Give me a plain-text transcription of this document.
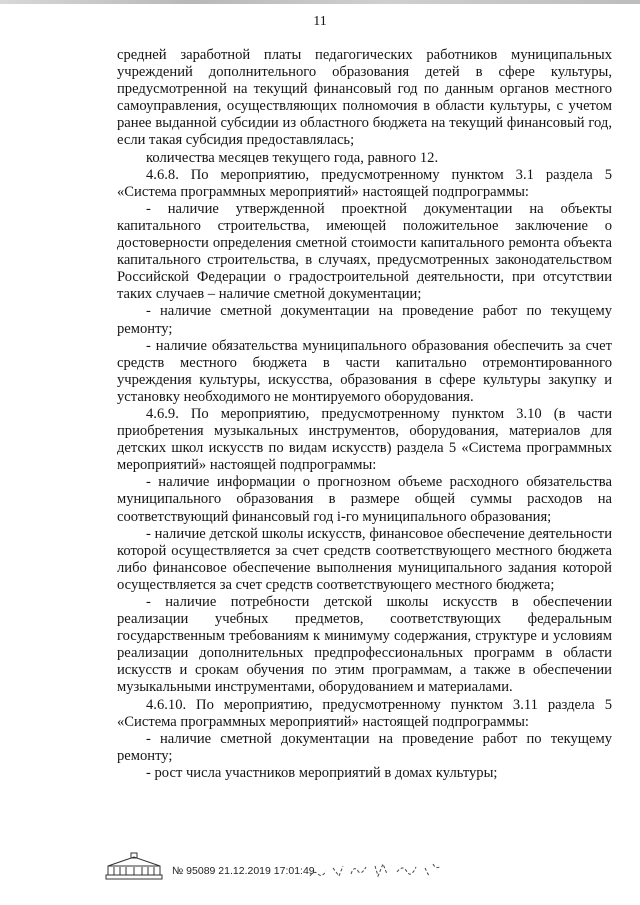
11

средней заработной платы педагогических работников муниципальных учреждений дополнительного образования детей в сфере культуры, предусмотренной на текущий финансовый год по данным органов местного самоуправления, осуществляющих полномочия в области культуры, с учетом ранее выданной субсидии из областного бюджета на текущий финансовый год, если такая субсидия предоставлялась;

количества месяцев текущего года, равного 12.

4.6.8. По мероприятию, предусмотренному пунктом 3.1 раздела 5 «Система программных мероприятий» настоящей подпрограммы:

- наличие утвержденной проектной документации на объекты капитального строительства, имеющей положительное заключение о достоверности определения сметной стоимости капитального ремонта объекта капитального строительства, в случаях, предусмотренных законодательством Российской Федерации о градостроительной деятельности, при отсутствии таких случаев – наличие сметной документации;

- наличие сметной документации на проведение работ по текущему ремонту;

- наличие обязательства муниципального образования обеспечить за счет средств местного бюджета в части капитально отремонтированного учреждения культуры, искусства, образования в сфере культуры закупку и установку необходимого не монтируемого оборудования.

4.6.9. По мероприятию, предусмотренному пунктом 3.10 (в части приобретения музыкальных инструментов, оборудования, материалов для детских школ искусств по видам искусств) раздела 5 «Система программных мероприятий» настоящей подпрограммы:

- наличие информации о прогнозном объеме расходного обязательства муниципального образования в размере общей суммы расходов на соответствующий финансовый год i-го муниципального образования;

- наличие детской школы искусств, финансовое обеспечение деятельности которой осуществляется за счет средств соответствующего местного бюджета либо финансовое обеспечение выполнения муниципального задания которой осуществляется за счет средств соответствующего местного бюджета;

- наличие потребности детской школы искусств в обеспечении реализации учебных предметов, соответствующих федеральным государственным требованиям к минимуму содержания, структуре и условиям реализации дополнительных предпрофессиональных программ в области искусств и срокам обучения по этим программам, а также в обеспечении музыкальными инструментами, оборудованием и материалами.

4.6.10. По мероприятию, предусмотренному пунктом 3.11 раздела 5 «Система программных мероприятий» настоящей подпрограммы:

- наличие сметной документации на проведение работ по текущему ремонту;

- рост числа участников мероприятий в домах культуры;

№ 95089 21.12.2019 17:01:49
